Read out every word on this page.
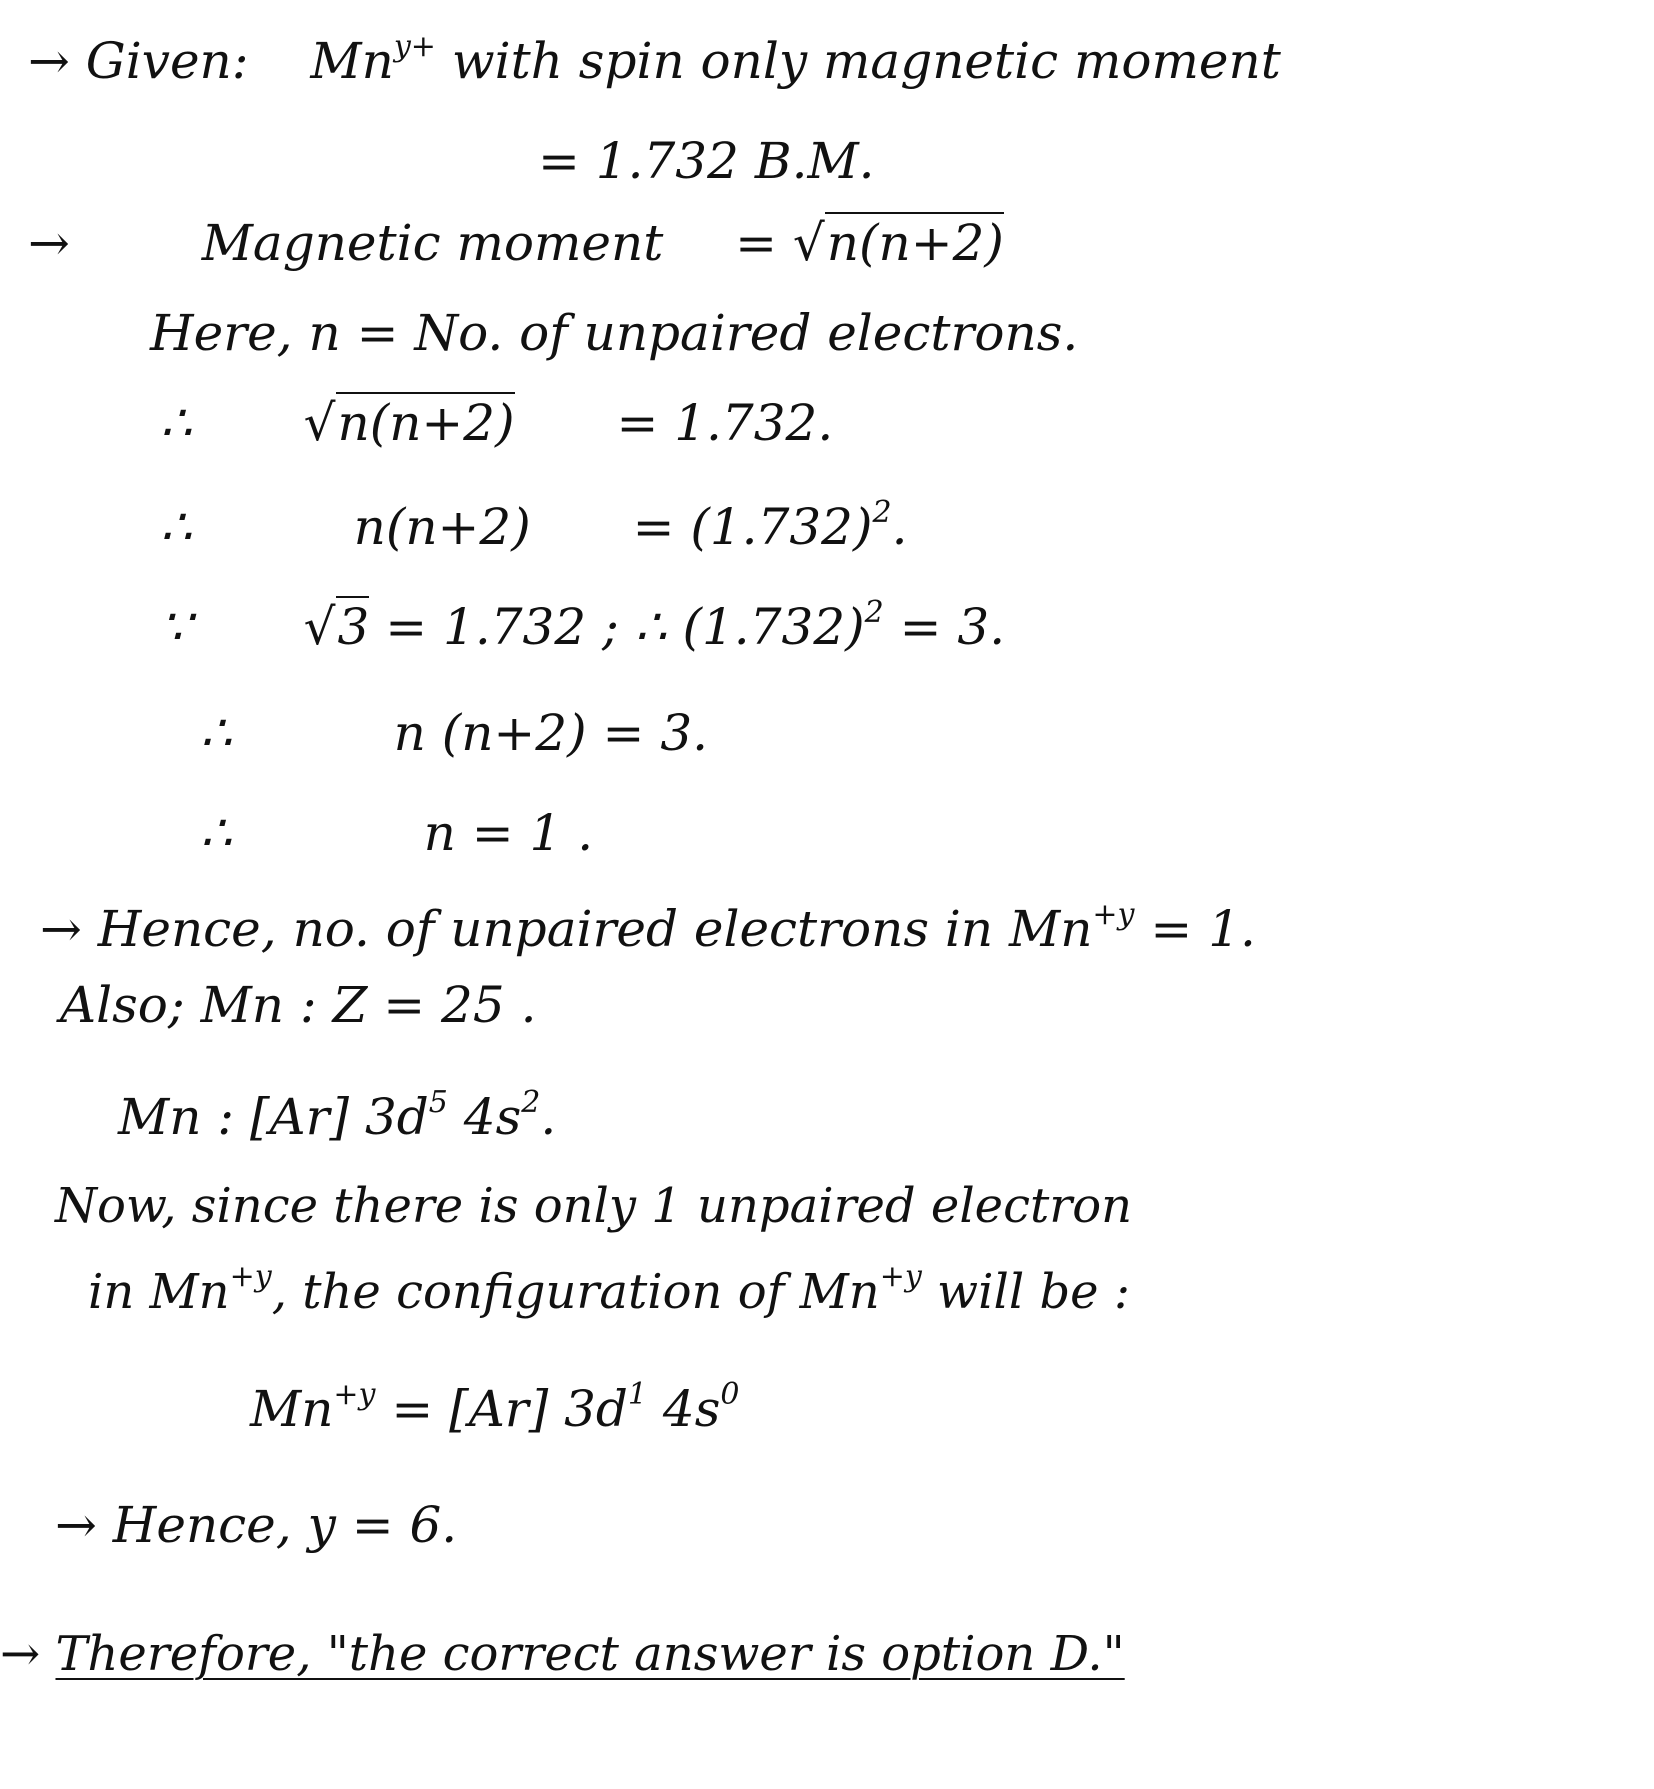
→ Given: $Mn^{y+}$ with spin only magnetic moment
= 1.732 B.M.
→	Magnetic moment = √n(n+2)
Here, n = No. of unpaired electrons.
∴ √n(n+2) = 1.732.
∴	$n(n+2) = (1.732)^2$.
∵ √3 = 1.732 ; ∴ $(1.732)^2 = 3$.
∴	n (n+2) = 3.
∴	n = 1 .
→ Hence, no. of unpaired electrons in $Mn^{+y} = 1$.
Also; Mn : Z = 25 .
Mn : [Ar] $3d^5$ $4s^2$.
Now, since there is only 1 unpaired electron
in $Mn^{+y}$, the configuration of $Mn^{+y}$ will be :
$Mn^{+y} = [Ar]$ $3d^1$ $4s^0$
→ Hence, y = 6.
→ Therefore, "the correct answer is option D."
